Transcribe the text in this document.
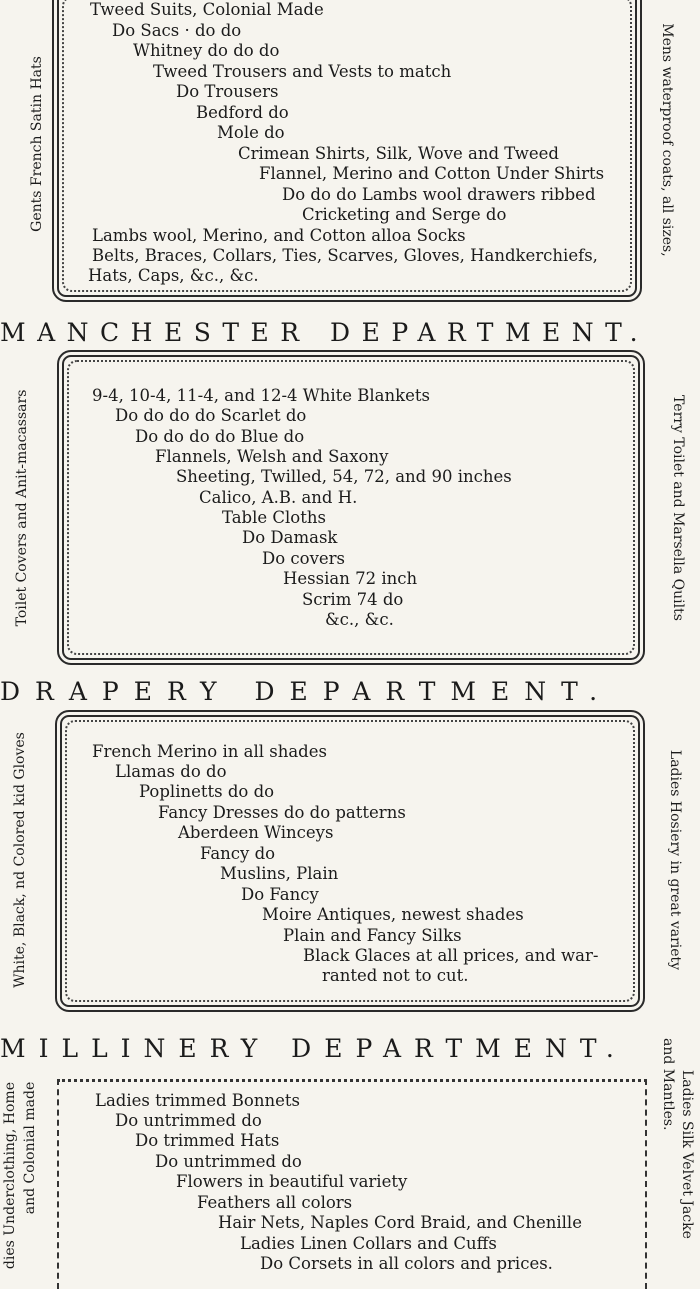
Gents French Satin Hats	Mens waterproof coats, all sizes,
Tweed Suits, Colonial Made
Do Sacs · do do
Whitney do do do
Tweed Trousers and Vests to match
Do Trousers
Bedford do
Mole do
Crimean Shirts, Silk, Wove and Tweed
Flannel, Merino and Cotton Under Shirts
Do do do Lambs wool drawers ribbed
Cricketing and Serge do
Lambs wool, Merino, and Cotton alloa Socks
Belts, Braces, Collars, Ties, Scarves, Gloves, Handkerchiefs,
Hats, Caps, &c., &c.
MANCHESTER DEPARTMENT.
Toilet Covers and Anit-macassars	Terry Toilet and Marsella Quilts
9-4, 10-4, 11-4, and 12-4 White Blankets
Do do do do Scarlet do
Do do do do Blue do
Flannels, Welsh and Saxony
Sheeting, Twilled, 54, 72, and 90 inches
Calico, A.B. and H.
Table Cloths
Do Damask
Do covers
Hessian 72 inch
Scrim 74 do
&c., &c.
DRAPERY DEPARTMENT.
White, Black, nd Colored kid Gloves	Ladies Hosiery in great variety
French Merino in all shades
Llamas do do
Poplinetts do do
Fancy Dresses do do patterns
Aberdeen Winceys
Fancy do
Muslins, Plain
Do Fancy
Moire Antiques, newest shades
Plain and Fancy Silks
Black Glaces at all prices, and war-
ranted not to cut.
MILLINERY DEPARTMENT.
dies Underclothing, Home and Colonial made	Ladies Silk Velvet Jacke
and Mantles.
Ladies trimmed Bonnets
Do untrimmed do
Do trimmed Hats
Do untrimmed do
Flowers in beautiful variety
Feathers all colors
Hair Nets, Naples Cord Braid, and Chenille
Ladies Linen Collars and Cuffs
Do Corsets in all colors and prices.
